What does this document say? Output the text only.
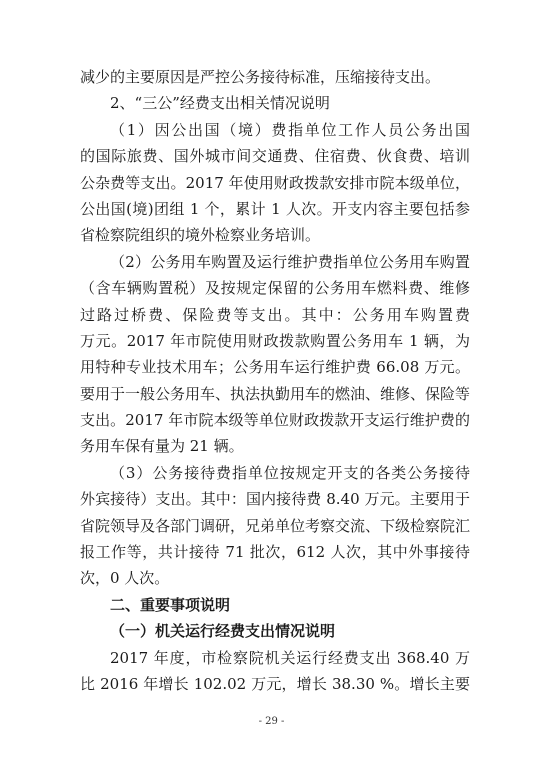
减少的主要原因是严控公务接待标准，压缩接待支出。
2、“三公”经费支出相关情况说明
（1）因公出国（境）费指单位工作人员公务出国
的国际旅费、国外城市间交通费、住宿费、伙食费、培训
公杂费等支出。2017 年使用财政拨款安排市院本级单位，
公出国(境)团组 1 个，累计 1 人次。开支内容主要包括参
省检察院组织的境外检察业务培训。
（2）公务用车购置及运行维护费指单位公务用车购置
（含车辆购置税）及按规定保留的公务用车燃料费、维修
过路过桥费、保险费等支出。其中：公务用车购置费
万元。2017 年市院使用财政拨款购置公务用车 1 辆，为
用特种专业技术用车；公务用车运行维护费 66.08 万元。
要用于一般公务用车、执法执勤用车的燃油、维修、保险等
支出。2017 年市院本级等单位财政拨款开支运行维护费的
务用车保有量为 21 辆。
（3）公务接待费指单位按规定开支的各类公务接待
外宾接待）支出。其中：国内接待费 8.40 万元。主要用于
省院领导及各部门调研，兄弟单位考察交流、下级检察院汇
报工作等，共计接待 71 批次，612 人次，其中外事接待
次，0 人次。
二、重要事项说明
（一）机关运行经费支出情况说明
2017 年度，市检察院机关运行经费支出 368.40 万
比 2016 年增长 102.02 万元，增长 38.30 %。增长主要
- 29 -
